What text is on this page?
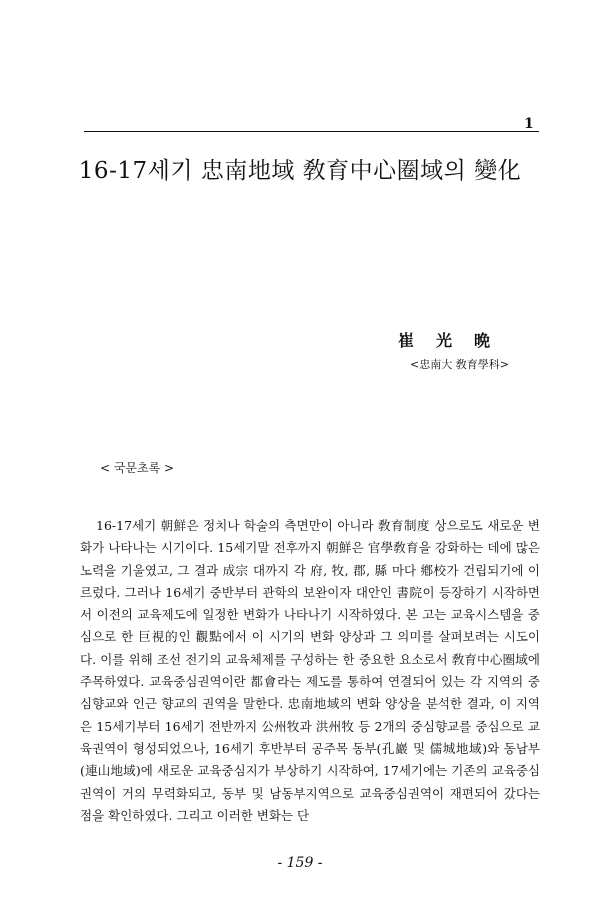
1
16-17세기 忠南地域 敎育中心圈域의 變化
崔光晩
<忠南大 敎育學科>
< 국문초록 >

16-17세기 朝鮮은 정치나 학술의 측면만이 아니라 敎育制度 상으로도 새로운 변화가 나타나는 시기이다. 15세기말 전후까지 朝鮮은 官學敎育을 강화하는 데에 많은 노력을 기울였고, 그 결과 成宗 대까지 각 府, 牧, 郡, 縣 마다 鄕校가 건립되기에 이르렀다. 그러나 16세기 중반부터 관학의 보완이자 대안인 書院이 등장하기 시작하면서 이전의 교육제도에 일정한 변화가 나타나기 시작하였다. 본 고는 교육시스템을 중심으로 한 巨視的인 觀點에서 이 시기의 변화 양상과 그 의미를 살펴보려는 시도이다. 이를 위해 조선 전기의 교육체제를 구성하는 한 중요한 요소로서 敎育中心圈域에 주목하였다. 교육중심권역이란 都會라는 제도를 통하여 연결되어 있는 각 지역의 중심향교와 인근 향교의 권역을 말한다. 忠南地域의 변화 양상을 분석한 결과, 이 지역은 15세기부터 16세기 전반까지 公州牧과 洪州牧 등 2개의 중심향교를 중심으로 교육권역이 형성되었으나, 16세기 후반부터 공주목 동부(孔巖 및 儒城地域)와 동남부(連山地域)에 새로운 교육중심지가 부상하기 시작하여, 17세기에는 기존의 교육중심권역이 거의 무력화되고, 동부 및 남동부지역으로 교육중심권역이 재편되어 갔다는 점을 확인하였다. 그리고 이러한 변화는 단

- 159 -
